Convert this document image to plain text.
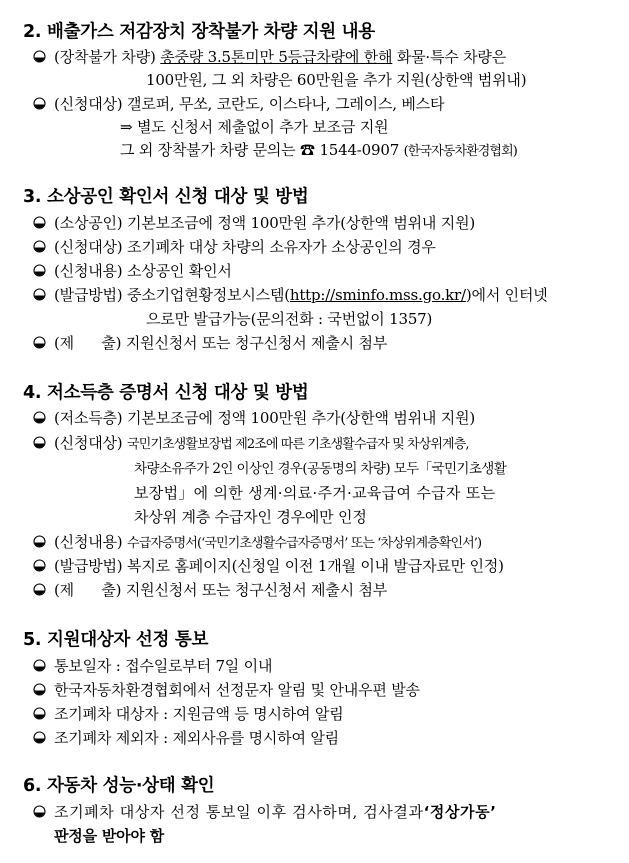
2. 배출가스 저감장치 장착불가 차량 지원 내용
(장착불가 차량) 총중량 3.5톤미만 5등급차량에 한해 화물·특수 차량은
100만원, 그 외 차량은 60만원을 추가 지원(상한액 범위내)
(신청대상) 갤로퍼, 무쏘, 코란도, 이스타나, 그레이스, 베스타
⇒ 별도 신청서 제출없이 추가 보조금 지원
그 외 장착불가 차량 문의는 ☎ 1544-0907 (한국자동차환경협회)
3. 소상공인 확인서 신청 대상 및 방법
(소상공인) 기본보조금에 정액 100만원 추가(상한액 범위내 지원)
(신청대상) 조기폐차 대상 차량의 소유자가 소상공인의 경우
(신청내용) 소상공인 확인서
(발급방법) 중소기업현황정보시스템(http://sminfo.mss.go.kr/)에서 인터넷
으로만 발급가능(문의전화 : 국번없이 1357)
(제      출) 지원신청서 또는 청구신청서 제출시 첨부
4. 저소득층 증명서 신청 대상 및 방법
(저소득층) 기본보조금에 정액 100만원 추가(상한액 범위내 지원)
(신청대상) 국민기초생활보장법 제2조에 따른 기초생활수급자 및 차상위계층,
차량소유주가 2인 이상인 경우(공동명의 차량) 모두「국민기초생활
보장법」에 의한 생계·의료·주거·교육급여 수급자 또는
차상위 계층 수급자인 경우에만 인정
(신청내용) 수급자증명서(‘국민기초생활수급자증명서’ 또는 ‘차상위계층확인서’)
(발급방법) 복지로 홈페이지(신청일 이전 1개월 이내 발급자료만 인정)
(제      출) 지원신청서 또는 청구신청서 제출시 첨부
5. 지원대상자 선정 통보
통보일자 : 접수일로부터 7일 이내
한국자동차환경협회에서 선정문자 알림 및 안내우편 발송
조기폐차 대상자 : 지원금액 등 명시하여 알림
조기폐차 제외자 : 제외사유를 명시하여 알림
6. 자동차 성능·상태 확인
조기폐차 대상자 선정 통보일 이후 검사하며, 검사결과‘정상가동’
판정을 받아야 함
